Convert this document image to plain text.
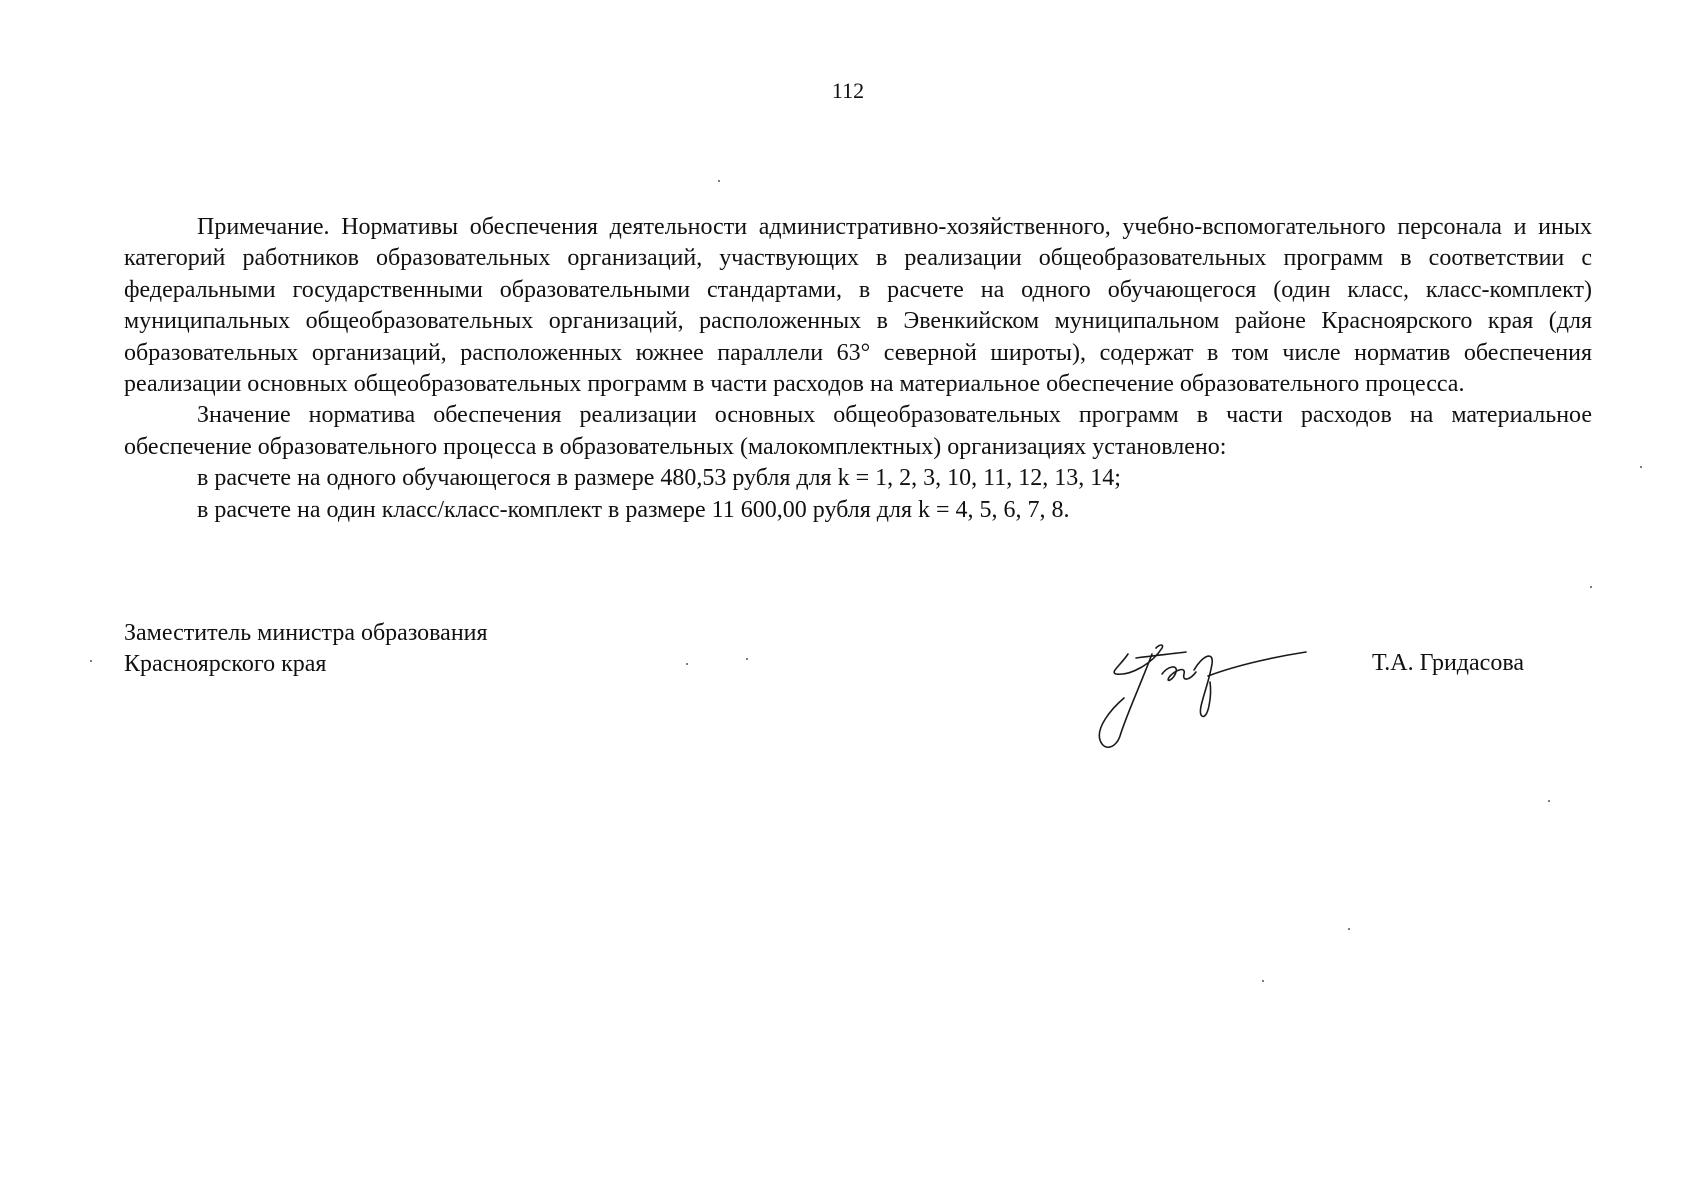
112

Примечание. Нормативы обеспечения деятельности административно-хозяйственного, учебно-вспомогательного персонала и иных категорий работников образовательных организаций, участвующих в реализации общеобразовательных программ в соответствии с федеральными государственными образовательными стандартами, в расчете на одного обучающегося (один класс, класс-комплект) муниципальных общеобразовательных организаций, расположенных в Эвенкийском муниципальном районе Красноярского края (для образовательных организаций, расположенных южнее параллели 63° северной широты), содержат в том числе норматив обеспечения реализации основных общеобразовательных программ в части расходов на материальное обеспечение образовательного процесса.

Значение норматива обеспечения реализации основных общеобразовательных программ в части расходов на материальное обеспечение образовательного процесса в образовательных (малокомплектных) организациях установлено:

в расчете на одного обучающегося в размере 480,53 рубля для k = 1, 2, 3, 10, 11, 12, 13, 14;

в расчете на один класс/класс-комплект в размере 11 600,00 рубля для k = 4, 5, 6, 7, 8.

Заместитель министра образования
Красноярского края	Т.А. Гридасова
